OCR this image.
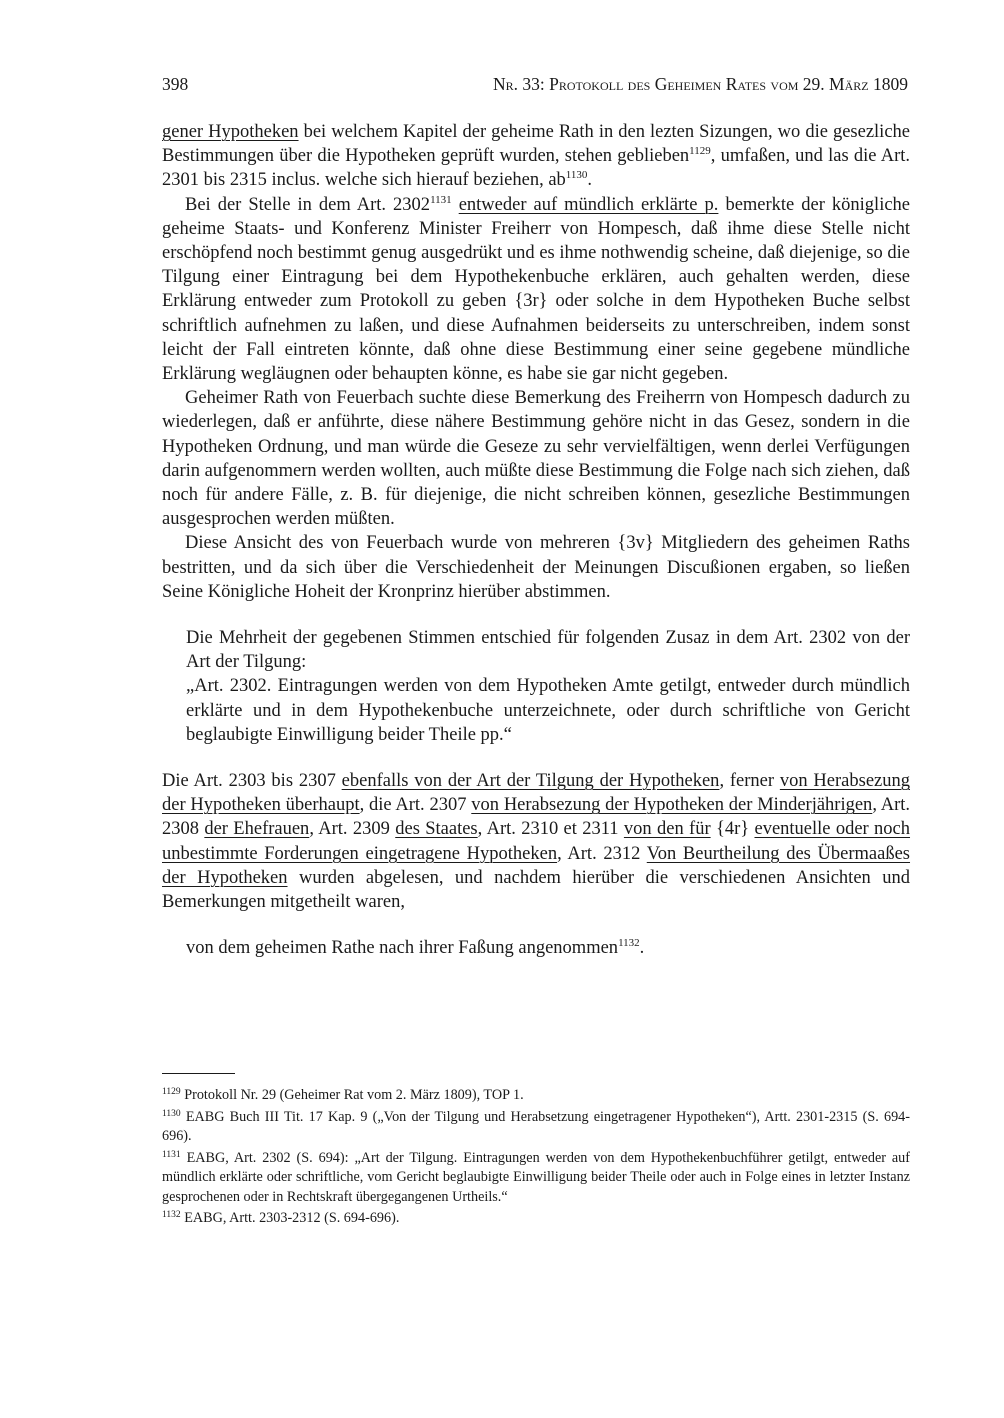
398	Nr. 33: Protokoll des Geheimen Rates vom 29. März 1809

gener Hypotheken bei welchem Kapitel der geheime Rath in den lezten Sizungen, wo die gesezliche Bestimmungen über die Hypotheken geprüft wurden, stehen geblieben$^{1129}$, umfaßen, und las die Art. 2301 bis 2315 inclus. welche sich hierauf beziehen, $ab^{1130}$.

Bei der Stelle in dem Art. $2302^{1131}$ entweder auf mündlich erklärte p. bemerkte der königliche geheime Staats- und Konferenz Minister Freiherr von Hompesch, daß ihme diese Stelle nicht erschöpfend noch bestimmt genug ausgedrükt und es ihme nothwendig scheine, daß diejenige, so die Tilgung einer Eintragung bei dem Hypothekenbuche erklären, auch gehalten werden, diese Erklärung entweder zum Protokoll zu geben {3r} oder solche in dem Hypotheken Buche selbst schriftlich aufnehmen zu laßen, und diese Aufnahmen beiderseits zu unterschreiben, indem sonst leicht der Fall eintreten könnte, daß ohne diese Bestimmung einer seine gegebene mündliche Erklärung wegläugnen oder behaupten könne, es habe sie gar nicht gegeben.

Geheimer Rath von Feuerbach suchte diese Bemerkung des Freiherrn von Hompesch dadurch zu wiederlegen, daß er anführte, diese nähere Bestimmung gehöre nicht in das Gesez, sondern in die Hypotheken Ordnung, und man würde die Geseze zu sehr vervielfältigen, wenn derlei Verfügungen darin aufgenommern werden wollten, auch müßte diese Bestimmung die Folge nach sich ziehen, daß noch für andere Fälle, z. B. für diejenige, die nicht schreiben können, gesezliche Bestimmungen ausgesprochen werden müßten.

Diese Ansicht des von Feuerbach wurde von mehreren {3v} Mitgliedern des geheimen Raths bestritten, und da sich über die Verschiedenheit der Meinungen Discußionen ergaben, so ließen Seine Königliche Hoheit der Kronprinz hierüber abstimmen.

Die Mehrheit der gegebenen Stimmen entschied für folgenden Zusaz in dem Art. 2302 von der Art der Tilgung:

„Art. 2302. Eintragungen werden von dem Hypotheken Amte getilgt, entweder durch mündlich erklärte und in dem Hypothekenbuche unterzeichnete, oder durch schriftliche von Gericht beglaubigte Einwilligung beider Theile pp.“

Die Art. 2303 bis 2307 ebenfalls von der Art der Tilgung der Hypotheken, ferner von Herabsezung der Hypotheken überhaupt, die Art. 2307 von Herabsezung der Hypotheken der Minderjährigen, Art. 2308 der Ehefrauen, Art. 2309 des Staates, Art. 2310 et 2311 von den für {4r} eventuelle oder noch unbestimmte Forderungen eingetragene Hypotheken, Art. 2312 Von Beurtheilung des Übermaaßes der Hypotheken wurden abgelesen, und nachdem hierüber die verschiedenen Ansichten und Bemerkungen mitgetheilt waren,

von dem geheimen Rathe nach ihrer Faßung angenommen$^{1132}$.

$^{1129}$ Protokoll Nr. 29 (Geheimer Rat vom 2. März 1809), TOP 1.

$^{1130}$ EABG Buch III Tit. 17 Kap. 9 („Von der Tilgung und Herabsetzung eingetragener Hypotheken“), Artt. 2301-2315 (S. 694-696).

$^{1131}$ EABG, Art. 2302 (S. 694): „Art der Tilgung. Eintragungen werden von dem Hypothekenbuchführer getilgt, entweder auf mündlich erklärte oder schriftliche, vom Gericht beglaubigte Einwilligung beider Theile oder auch in Folge eines in letzter Instanz gesprochenen oder in Rechtskraft übergegangenen Urtheils.“

$^{1132}$ EABG, Artt. 2303-2312 (S. 694-696).
